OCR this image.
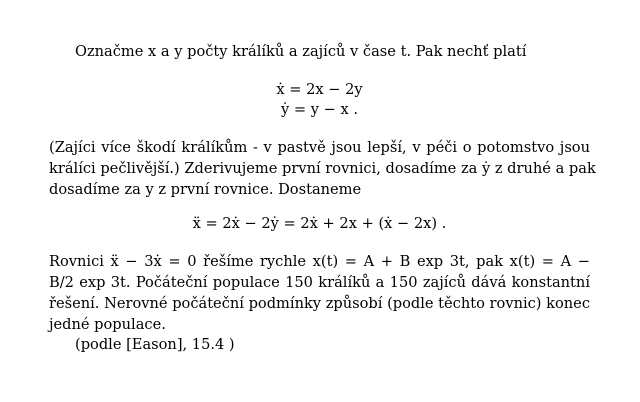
Označme x a y počty králíků a zajíců v čase t. Pak nechť platí
ẋ = 2x − 2y
ẏ = y − x .
(Zajíci více škodí králíkům - v pastvě jsou lepší, v péči o potomstvo jsou
králíci pečlivější.) Zderivujeme první rovnici, dosadíme za ẏ z druhé a pak
dosadíme za y z první rovnice. Dostaneme
ẍ = 2ẋ − 2ẏ = 2ẋ + 2x + (ẋ − 2x) .
Rovnici ẍ − 3ẋ = 0 řešíme rychle x(t) = A + B exp 3t, pak x(t) = A −
B/2 exp 3t. Počáteční populace 150 králíků a 150 zajíců dává konstantní
řešení. Nerovné počáteční podmínky způsobí (podle těchto rovnic) konec
jedné populace.
(podle [Eason], 15.4 )
